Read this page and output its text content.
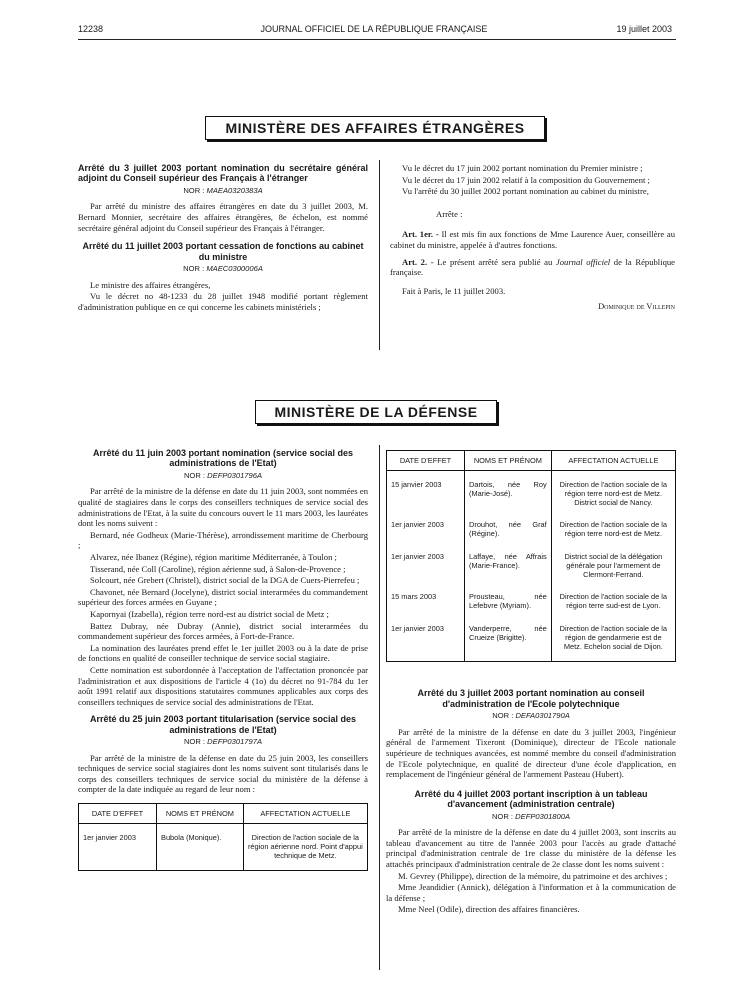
12238	JOURNAL OFFICIEL DE LA RÉPUBLIQUE FRANÇAISE	19 juillet 2003
MINISTÈRE DES AFFAIRES ÉTRANGÈRES
Arrêté du 3 juillet 2003 portant nomination du secrétaire général adjoint du Conseil supérieur des Français à l'étranger
NOR : MAEA0320383A

Par arrêté du ministre des affaires étrangères en date du 3 juillet 2003, M. Bernard Monnier, secrétaire des affaires étrangères, 8e échelon, est nommé secrétaire général adjoint du Conseil supérieur des Français à l'étranger.

Arrêté du 11 juillet 2003 portant cessation de fonctions au cabinet du ministre
NOR : MAEC0300006A

Le ministre des affaires étrangères,

Vu le décret no 48-1233 du 28 juillet 1948 modifié portant règlement d'administration publique en ce qui concerne les cabinets ministériels ;

Vu le décret du 17 juin 2002 portant nomination du Premier ministre ;

Vu le décret du 17 juin 2002 relatif à la composition du Gouvernement ;

Vu l'arrêté du 30 juillet 2002 portant nomination au cabinet du ministre,

Arrête :

Art. 1er. - Il est mis fin aux fonctions de Mme Laurence Auer, conseillère au cabinet du ministre, appelée à d'autres fonctions.

Art. 2. - Le présent arrêté sera publié au Journal officiel de la République française.

Fait à Paris, le 11 juillet 2003.

Dominique de Villepin

MINISTÈRE DE LA DÉFENSE
Arrêté du 11 juin 2003 portant nomination (service social des administrations de l'Etat)
NOR : DEFP0301796A

Par arrêté de la ministre de la défense en date du 11 juin 2003, sont nommées en qualité de stagiaires dans le corps des conseillers techniques de service social des administrations de l'Etat, à la suite du concours ouvert le 11 mars 2003, les lauréates dont les noms suivent :

Bernard, née Godheux (Marie-Thérèse), arrondissement maritime de Cherbourg ;

Alvarez, née Ibanez (Régine), région maritime Méditerranée, à Toulon ;

Tisserand, née Coll (Caroline), région aérienne sud, à Salon-de-Provence ;

Solcourt, née Grebert (Christel), district social de la DGA de Cuers-Pierrefeu ;

Chavonet, née Bernard (Jocelyne), district social interarmées du commandement supérieur des forces armées en Guyane ;

Kapornyai (Izabella), région terre nord-est au district social de Metz ;

Battez Dubray, née Dubray (Annie), district social interarmées du commandement supérieur des forces armées, à Fort-de-France.

La nomination des lauréates prend effet le 1er juillet 2003 ou à la date de prise de fonctions en qualité de conseiller technique de service social stagiaire.

Cette nomination est subordonnée à l'acceptation de l'affectation prononcée par l'administration et aux dispositions de l'article 4 (1o) du décret no 91-784 du 1er août 1991 relatif aux dispositions statutaires communes applicables aux corps des conseillers techniques de service social des administrations de l'Etat.

Arrêté du 25 juin 2003 portant titularisation (service social des administrations de l'Etat)
NOR : DEFP0301797A

Par arrêté de la ministre de la défense en date du 25 juin 2003, les conseillers techniques de service social stagiaires dont les noms suivent sont titularisés dans le corps des conseillers techniques de service social du ministère de la défense à compter de la date indiquée au regard de leur nom :

DATE D'EFFET	NOMS ET PRÉNOM	AFFECTATION ACTUELLE
1er janvier 2003	Bubola (Monique).	Direction de l'action sociale de la région aérienne nord. Point d'appui technique de Metz.
DATE D'EFFET	NOMS ET PRÉNOM	AFFECTATION ACTUELLE
15 janvier 2003	Dartois, née Roy (Marie-José).	Direction de l'action sociale de la région terre nord-est de Metz. District social de Nancy.
1er janvier 2003	Drouhot, née Graf (Régine).	Direction de l'action sociale de la région terre nord-est de Metz.
1er janvier 2003	Laffaye, née Affrais (Marie-France).	District social de la délégation générale pour l'armement de Clermont-Ferrand.
15 mars 2003	Prousteau, née Lefebvre (Myriam).	Direction de l'action sociale de la région terre sud-est de Lyon.
1er janvier 2003	Vanderperre, née Crueize (Brigitte).	Direction de l'action sociale de la région de gendarmerie est de Metz. Echelon social de Dijon.
Arrêté du 3 juillet 2003 portant nomination au conseil d'administration de l'Ecole polytechnique
NOR : DEFA0301790A

Par arrêté de la ministre de la défense en date du 3 juillet 2003, l'ingénieur général de l'armement Tixeront (Dominique), directeur de l'Ecole nationale supérieure de techniques avancées, est nommé membre du conseil d'administration de l'Ecole polytechnique, en qualité de directeur d'une école d'application, en remplacement de l'ingénieur général de l'armement Pasteau (Hubert).

Arrêté du 4 juillet 2003 portant inscription à un tableau d'avancement (administration centrale)
NOR : DEFP0301800A

Par arrêté de la ministre de la défense en date du 4 juillet 2003, sont inscrits au tableau d'avancement au titre de l'année 2003 pour l'accès au grade d'attaché principal d'administration centrale de 1re classe du ministère de la défense les attachés principaux d'administration centrale de 2e classe dont les noms suivent :

M. Gevrey (Philippe), direction de la mémoire, du patrimoine et des archives ;

Mme Jeandidier (Annick), délégation à l'information et à la communication de la défense ;

Mme Neel (Odile), direction des affaires financières.
